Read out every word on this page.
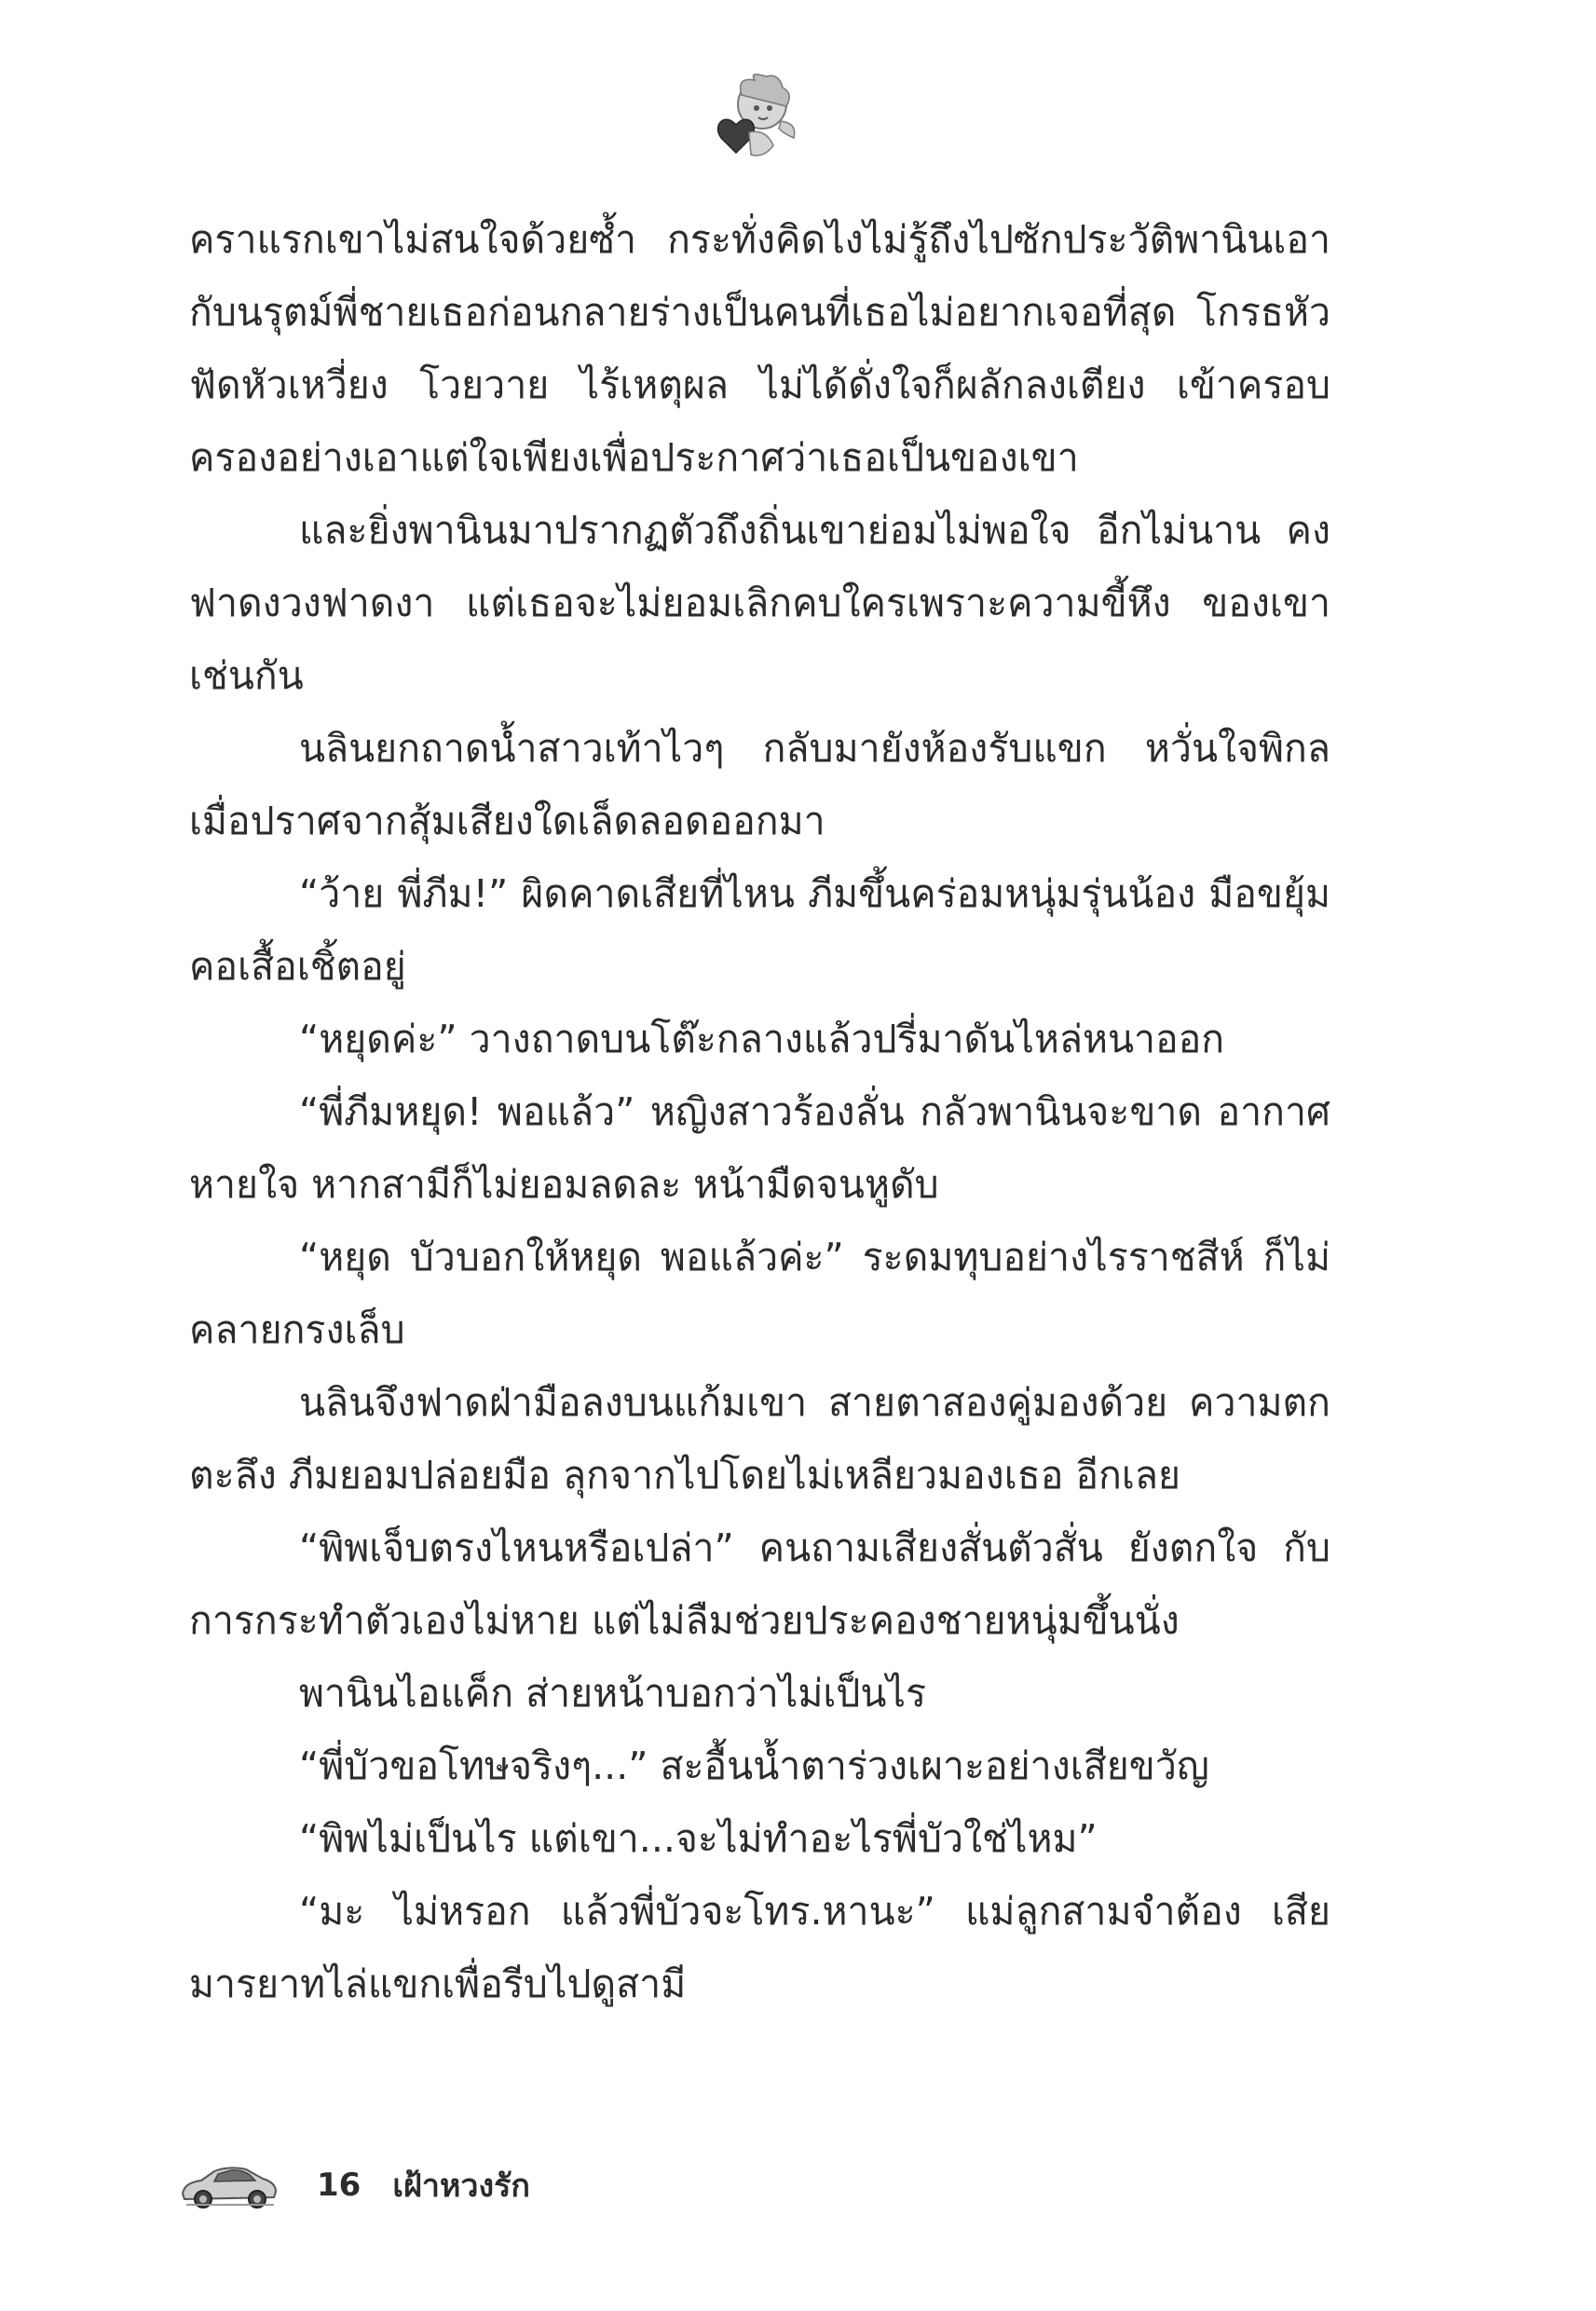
คราแรกเขาไม่สนใจด้วยซ้ำ กระทั่งคิดไงไม่รู้ถึงไปซักประวัติพานินเอากับนรุตม์พี่ชายเธอก่อนกลายร่างเป็นคนที่เธอไม่อยากเจอที่สุด โกรธหัวฟัดหัวเหวี่ยง โวยวาย ไร้เหตุผล ไม่ได้ดั่งใจก็ผลักลงเตียง เข้าครอบครองอย่างเอาแต่ใจเพียงเพื่อประกาศว่าเธอเป็นของเขา

และยิ่งพานินมาปรากฏตัวถึงถิ่นเขาย่อมไม่พอใจ อีกไม่นาน คงฟาดงวงฟาดงา แต่เธอจะไม่ยอมเลิกคบใครเพราะความขี้หึง ของเขาเช่นกัน

นลินยกถาดน้ำสาวเท้าไวๆ กลับมายังห้องรับแขก หวั่นใจพิกล เมื่อปราศจากสุ้มเสียงใดเล็ดลอดออกมา

“ว้าย พี่ภีม!” ผิดคาดเสียที่ไหน ภีมขึ้นคร่อมหนุ่มรุ่นน้อง มือขยุ้มคอเสื้อเชิ้ตอยู่

“หยุดค่ะ” วางถาดบนโต๊ะกลางแล้วปรี่มาดันไหล่หนาออก

“พี่ภีมหยุด! พอแล้ว” หญิงสาวร้องลั่น กลัวพานินจะขาด อากาศหายใจ หากสามีก็ไม่ยอมลดละ หน้ามืดจนหูดับ

“หยุด บัวบอกให้หยุด พอแล้วค่ะ” ระดมทุบอย่างไรราชสีห์ ก็ไม่คลายกรงเล็บ

นลินจึงฟาดฝ่ามือลงบนแก้มเขา สายตาสองคู่มองด้วย ความตกตะลึง ภีมยอมปล่อยมือ ลุกจากไปโดยไม่เหลียวมองเธอ อีกเลย

“พิพเจ็บตรงไหนหรือเปล่า” คนถามเสียงสั่นตัวสั่น ยังตกใจ กับการกระทำตัวเองไม่หาย แต่ไม่ลืมช่วยประคองชายหนุ่มขึ้นนั่ง

พานินไอแค็ก ส่ายหน้าบอกว่าไม่เป็นไร

“พี่บัวขอโทษจริงๆ...” สะอื้นน้ำตาร่วงเผาะอย่างเสียขวัญ

“พิพไม่เป็นไร แต่เขา...จะไม่ทำอะไรพี่บัวใช่ไหม”

“มะ ไม่หรอก แล้วพี่บัวจะโทร.หานะ” แม่ลูกสามจำต้อง เสียมารยาทไล่แขกเพื่อรีบไปดูสามี

16 เฝ้าหวงรัก
